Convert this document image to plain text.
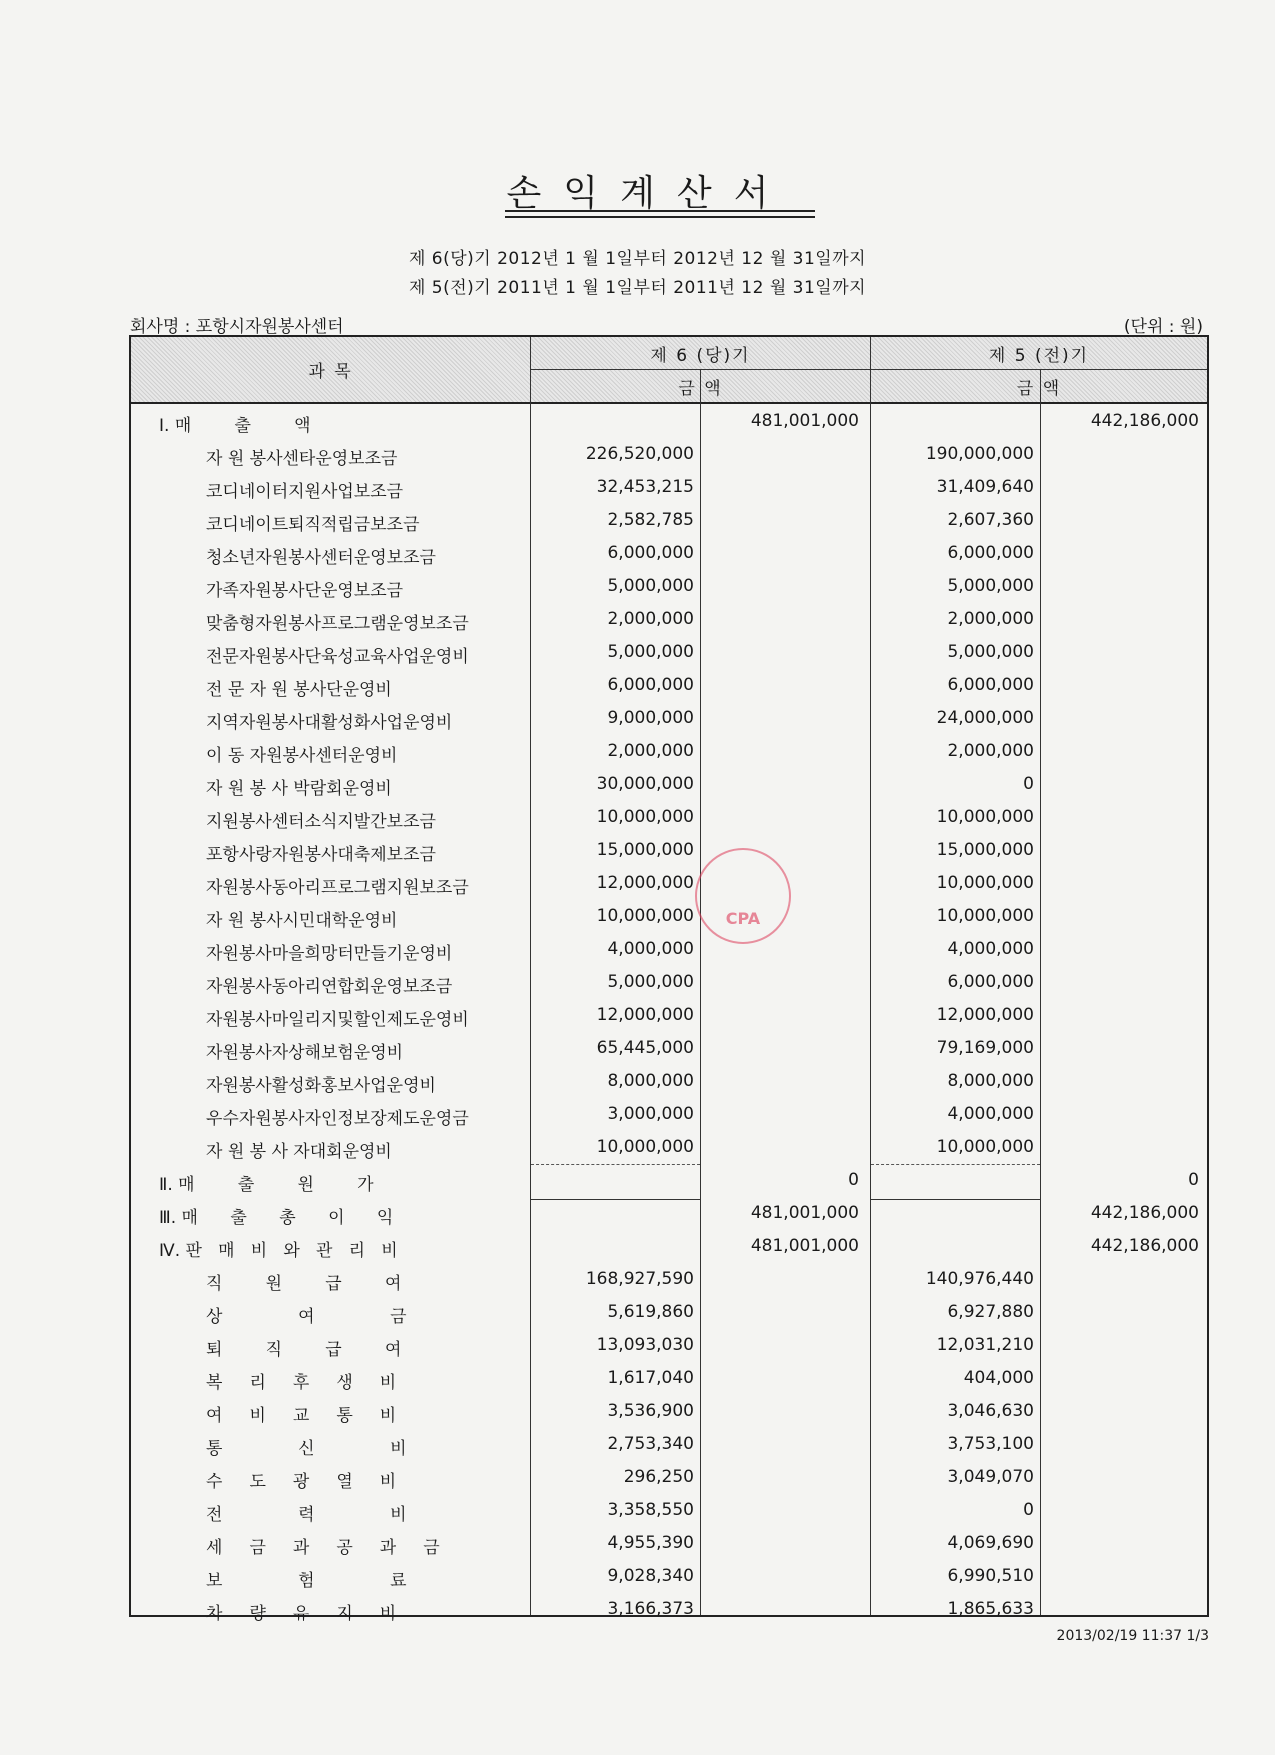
손익계산서
제 6(당)기 2012년 1 월 1일부터 2012년 12 월 31일까지
제 5(전)기 2011년 1 월 1일부터 2011년 12 월 31일까지
회사명 : 포항시자원봉사센터	(단위 : 원)
과 목
제 6 (당)기	제 5 (전)기
금 액	금 액
Ⅰ. 매        출        액	481,001,000	442,186,000
자 원 봉사센타운영보조금	226,520,000	190,000,000
코디네이터지원사업보조금	32,453,215	31,409,640
코디네이트퇴직적립금보조금	2,582,785	2,607,360
청소년자원봉사센터운영보조금	6,000,000	6,000,000
가족자원봉사단운영보조금	5,000,000	5,000,000
맞춤형자원봉사프로그램운영보조금	2,000,000	2,000,000
전문자원봉사단육성교육사업운영비	5,000,000	5,000,000
전 문 자 원 봉사단운영비	6,000,000	6,000,000
지역자원봉사대활성화사업운영비	9,000,000	24,000,000
이 동 자원봉사센터운영비	2,000,000	2,000,000
자 원 봉 사 박람회운영비	30,000,000	0
지원봉사센터소식지발간보조금	10,000,000	10,000,000
포항사랑자원봉사대축제보조금	15,000,000	15,000,000
자원봉사동아리프로그램지원보조금	12,000,000	10,000,000
자 원 봉사시민대학운영비	10,000,000	10,000,000
자원봉사마을희망터만들기운영비	4,000,000	4,000,000
자원봉사동아리연합회운영보조금	5,000,000	6,000,000
자원봉사마일리지및할인제도운영비	12,000,000	12,000,000
자원봉사자상해보험운영비	65,445,000	79,169,000
자원봉사활성화홍보사업운영비	8,000,000	8,000,000
우수자원봉사자인정보장제도운영금	3,000,000	4,000,000
자 원 봉 사 자대회운영비	10,000,000	10,000,000
Ⅱ. 매        출        원        가	0	0
Ⅲ. 매      출      총      이      익	481,001,000	442,186,000
Ⅳ. 판   매   비   와   관   리   비	481,001,000	442,186,000
직        원        급        여	168,927,590	140,976,440
상              여              금	5,619,860	6,927,880
퇴        직        급        여	13,093,030	12,031,210
복     리     후     생     비	1,617,040	404,000
여     비     교     통     비	3,536,900	3,046,630
통              신              비	2,753,340	3,753,100
수     도     광     열     비	296,250	3,049,070
전              력              비	3,358,550	0
세     금     과     공     과     금	4,955,390	4,069,690
보              험              료	9,028,340	6,990,510
차     량     유     지     비	3,166,373	1,865,633
CPA
2013/02/19 11:37 1/3
